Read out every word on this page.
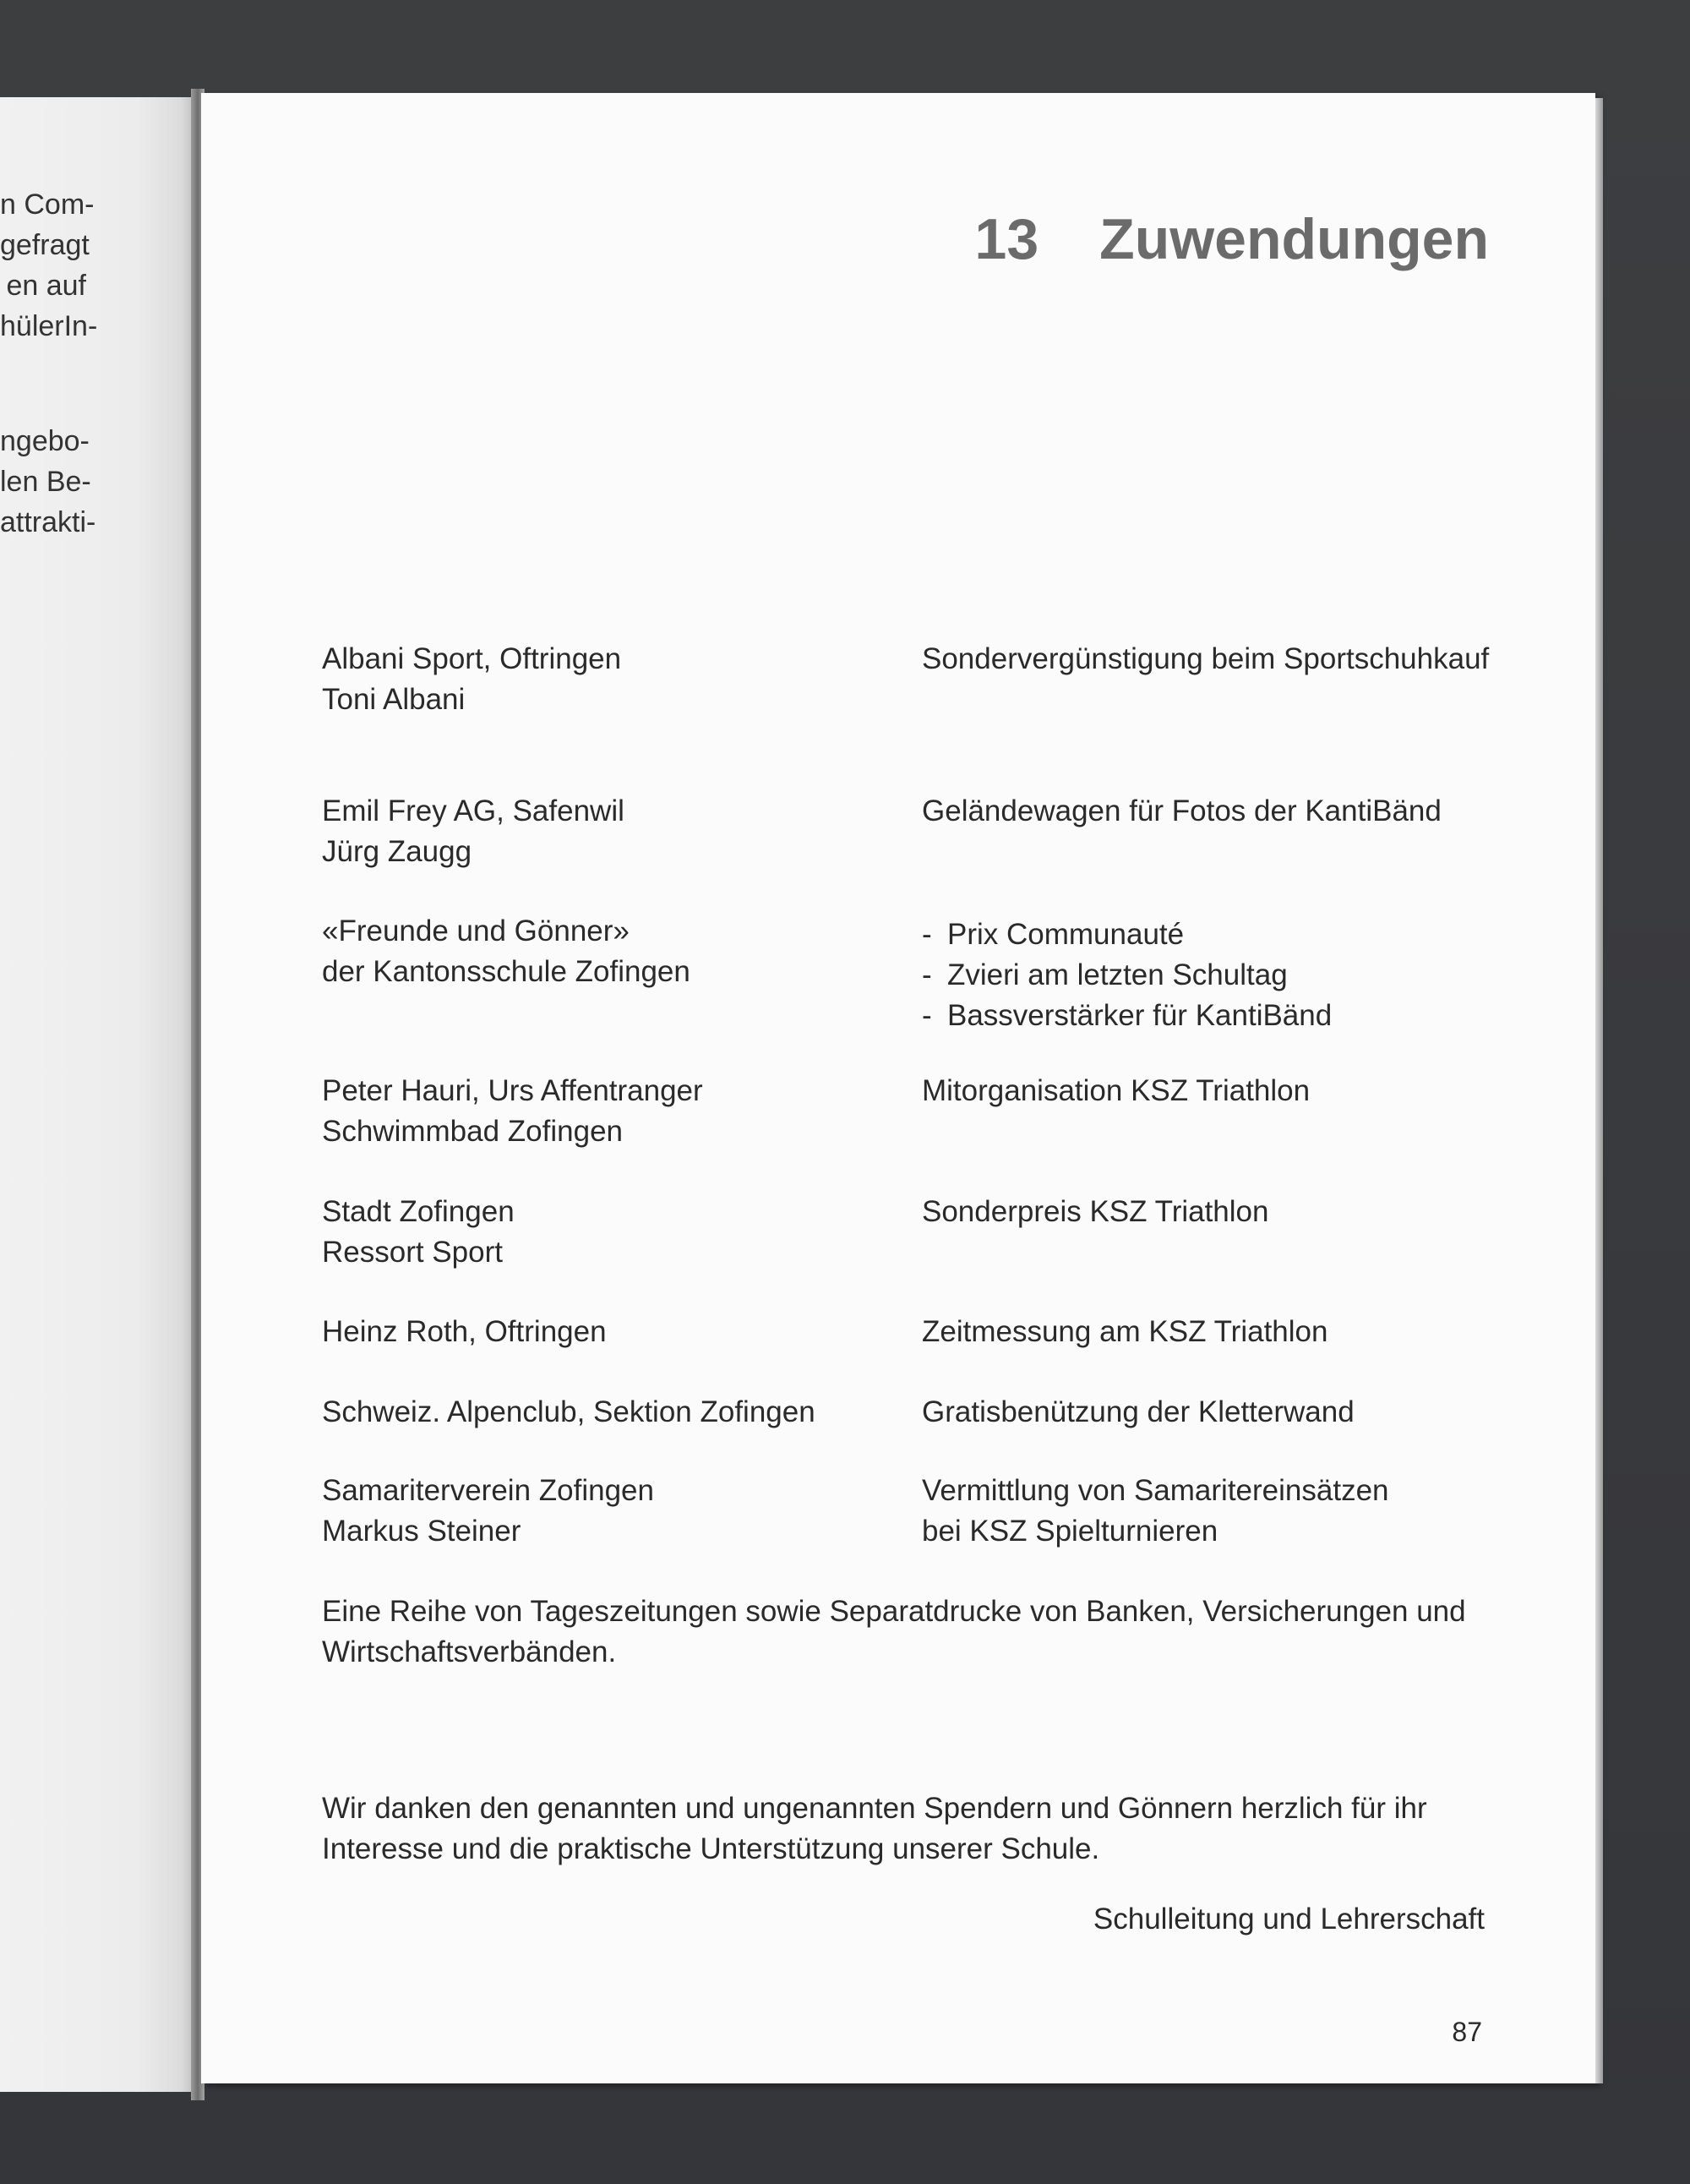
n Com-
gefragt
en auf
hülerIn-
ngebo-
len Be-
attrakti-
13 Zuwendungen
Albani Sport, Oftringen
Toni Albani
Sondervergünstigung beim Sportschuhkauf
Emil Frey AG, Safenwil
Jürg Zaugg
Geländewagen für Fotos der KantiBänd
«Freunde und Gönner»
der Kantonsschule Zofingen
- Prix Communauté
- Zvieri am letzten Schultag
- Bassverstärker für KantiBänd
Peter Hauri, Urs Affentranger
Schwimmbad Zofingen
Mitorganisation KSZ Triathlon
Stadt Zofingen
Ressort Sport
Sonderpreis KSZ Triathlon
Heinz Roth, Oftringen	Zeitmessung am KSZ Triathlon
Schweiz. Alpenclub, Sektion Zofingen	Gratisbenützung der Kletterwand
Samariterverein Zofingen
Markus Steiner
Vermittlung von Samaritereinsätzen
bei KSZ Spielturnieren
Eine Reihe von Tageszeitungen sowie Separatdrucke von Banken, Versicherungen und
Wirtschaftsverbänden.
Wir danken den genannten und ungenannten Spendern und Gönnern herzlich für ihr
Interesse und die praktische Unterstützung unserer Schule.
Schulleitung und Lehrerschaft
87
